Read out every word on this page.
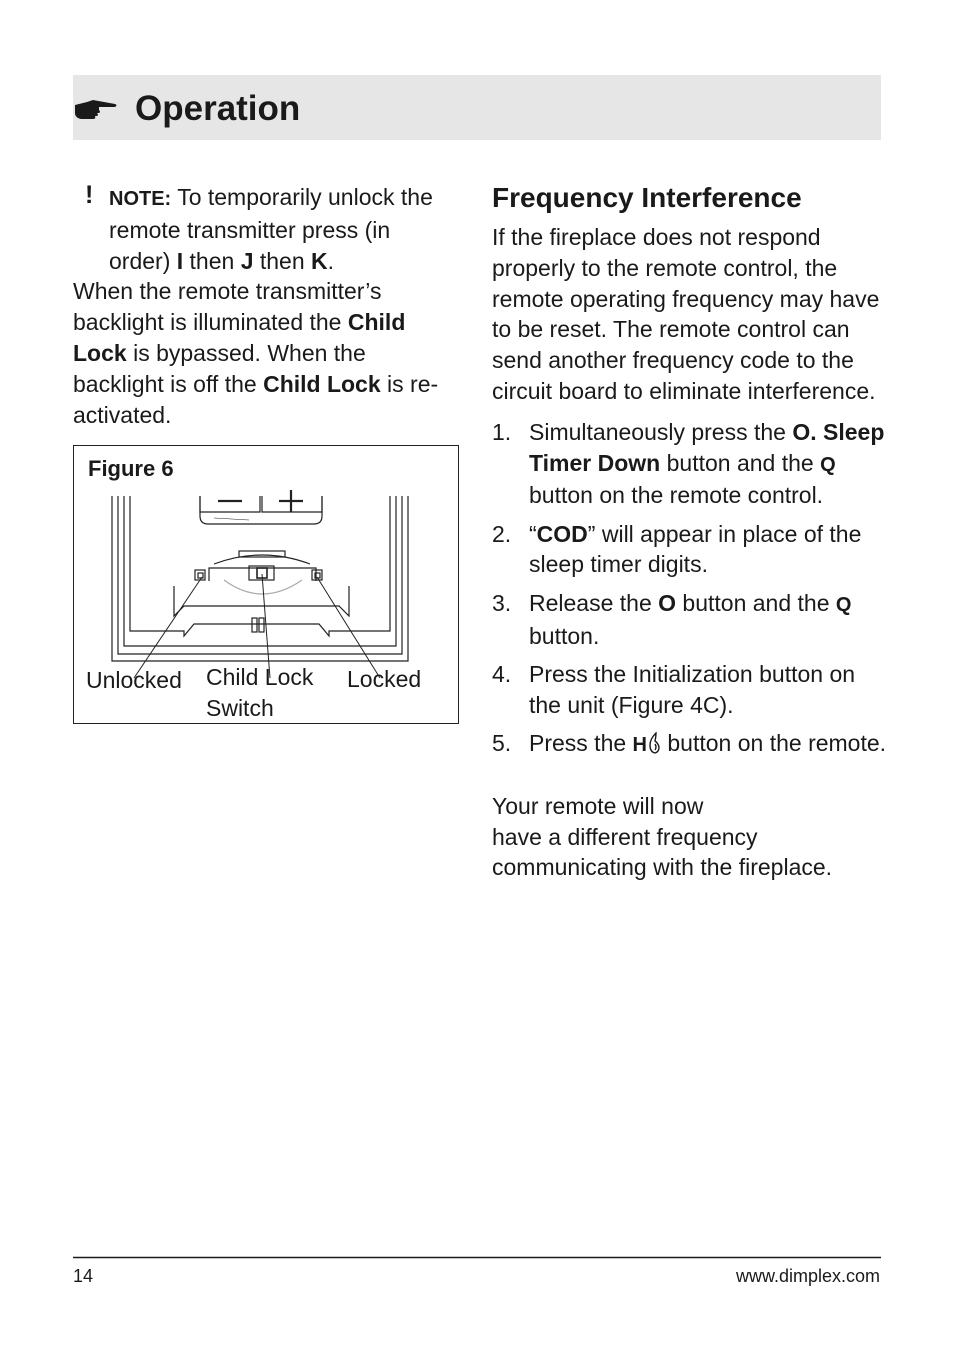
Operation
! NOTE: To temporarily unlock the remote transmitter press (in order) I then J then K.
When the remote transmitter’s backlight is illuminated the Child Lock is bypassed. When the backlight is off the Child Lock is re-activated.
Figure 6
Unlocked Child Lock
Switch
Locked
Frequency Interference
If the fireplace does not respond properly to the remote control, the remote operating frequency may have to be reset. The remote control can send another frequency code to the circuit board to eliminate interference.
1. Simultaneously press the O. Sleep Timer Down button and the Q button on the remote control.
2. “COD” will appear in place of the sleep timer digits.
3. Release the O button and the Q button.
4. Press the Initialization button on the unit (Figure 4C).
5. Press the H button on the remote.
Your remote will now
have a different frequency communicating with the fireplace.
14	www.dimplex.com
